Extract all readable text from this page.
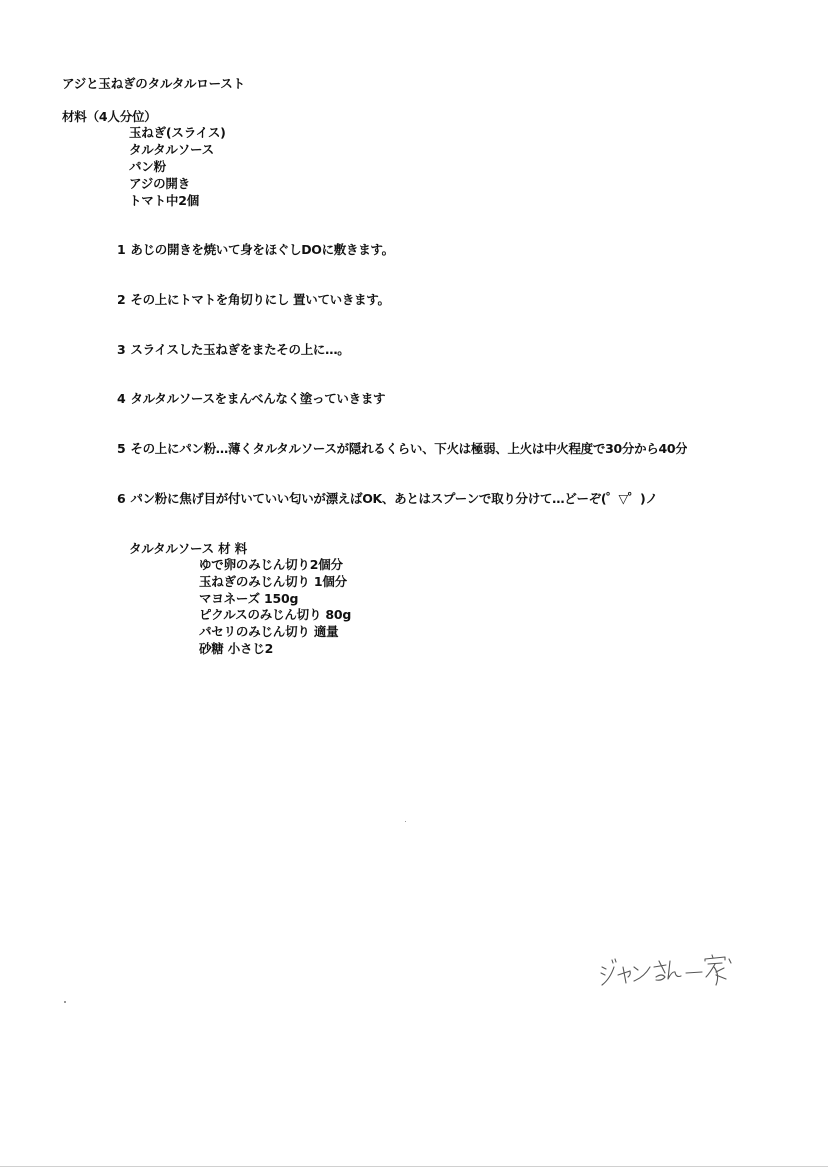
アジと玉ねぎのタルタルロースト
材料（4人分位）
玉ねぎ(スライス)
タルタルソース
パン粉
アジの開き
トマト中2個
1 あじの開きを焼いて身をほぐしDOに敷きます。
2 その上にトマトを角切りにし 置いていきます。
3 スライスした玉ねぎをまたその上に…。
4 タルタルソースをまんべんなく塗っていきます
5 その上にパン粉…薄くタルタルソースが隠れるくらい、下火は極弱、上火は中火程度で30分から40分
6 パン粉に焦げ目が付いていい匂いが漂えばOK、あとはスプーンで取り分けて…どーぞ(゜▽゜)ノ
タルタルソース 材 料
ゆで卵のみじん切り2個分
玉ねぎのみじん切り 1個分
マヨネーズ 150g
ピクルスのみじん切り 80g
パセリのみじん切り 適量
砂糖 小さじ2
